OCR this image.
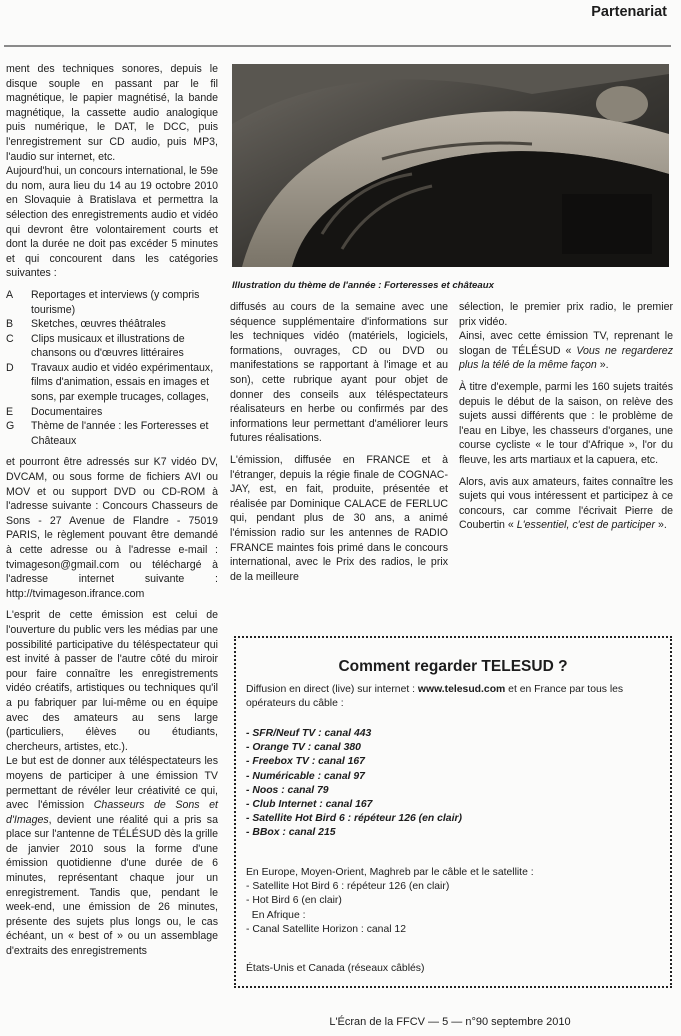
Partenariat

ment des techniques sonores, depuis le disque souple en passant par le fil magnétique, le papier magnétisé, la bande magnétique, la cassette audio analogique puis numérique, le DAT, le DCC, puis l'enregistrement sur CD audio, puis MP3, l'audio sur internet, etc.

Aujourd'hui, un concours international, le 59e du nom, aura lieu du 14 au 19 octobre 2010 en Slovaquie à Bratislava et permettra la sélection des enregistrements audio et vidéo qui devront être volontairement courts et dont la durée ne doit pas excéder 5 minutes et qui concourent dans les catégories suivantes :

A	Reportages et interviews (y compris tourisme)
B	Sketches, œuvres théâtrales
C	Clips musicaux et illustrations de chansons ou d'œuvres littéraires
D	Travaux audio et vidéo expérimentaux, films d'animation, essais en images et sons, par exemple trucages, collages,
E	Documentaires
G	Thème de l'année : les Forteresses et Châteaux

et pourront être adressés sur K7 vidéo DV, DVCAM, ou sous forme de fichiers AVI ou MOV et ou support DVD ou CD-ROM à l'adresse suivante : Concours Chasseurs de Sons - 27 Avenue de Flandre - 75019 PARIS, le règlement pouvant être demandé à cette adresse ou à l'adresse e-mail : tvimageson@gmail.com ou téléchargé à l'adresse internet suivante : http://tvimageson.ifrance.com

L'esprit de cette émission est celui de l'ouverture du public vers les médias par une possibilité participative du téléspectateur qui est invité à passer de l'autre côté du miroir pour faire connaître les enregistrements vidéo créatifs, artistiques ou techniques qu'il a pu fabriquer par lui-même ou en équipe avec des amateurs au sens large (particuliers, élèves ou étudiants, chercheurs, artistes, etc.).

Le but est de donner aux téléspectateurs les moyens de participer à une émission TV permettant de révéler leur créativité ce qui, avec l'émission Chasseurs de Sons et d'Images, devient une réalité qui a pris sa place sur l'antenne de TÉLÉSUD dès la grille de janvier 2010 sous la forme d'une émission quotidienne d'une durée de 6 minutes, représentant chaque jour un enregistrement. Tandis que, pendant le week-end, une émission de 26 minutes, présente des sujets plus longs ou, le cas échéant, un « best of » ou un assemblage d'extraits des enregistrements

Illustration du thème de l'année : Forteresses et châteaux

diffusés au cours de la semaine avec une séquence supplémentaire d'informations sur les techniques vidéo (matériels, logiciels, formations, ouvrages, CD ou DVD ou manifestations se rapportant à l'image et au son), cette rubrique ayant pour objet de donner des conseils aux téléspectateurs réalisateurs en herbe ou confirmés par des informations leur permettant d'améliorer leurs futures réalisations.

L'émission, diffusée en FRANCE et à l'étranger, depuis la régie finale de COGNAC-JAY, est, en fait, produite, présentée et réalisée par Dominique CALACE de FERLUC qui, pendant plus de 30 ans, a animé l'émission radio sur les antennes de RADIO FRANCE maintes fois primé dans le concours international, avec le Prix des radios, le prix de la meilleure

sélection, le premier prix radio, le premier prix vidéo.

Ainsi, avec cette émission TV, reprenant le slogan de TÉLÉSUD « Vous ne regarderez plus la télé de la même façon ».

À titre d'exemple, parmi les 160 sujets traités depuis le début de la saison, on relève des sujets aussi différents que : le problème de l'eau en Libye, les chasseurs d'organes, une course cycliste « le tour d'Afrique », l'or du fleuve, les arts martiaux et la capuera, etc.

Alors, avis aux amateurs, faites connaître les sujets qui vous intéressent et participez à ce concours, car comme l'écrivait Pierre de Coubertin « L'essentiel, c'est de participer ».

Comment regarder TELESUD ?
Diffusion en direct (live) sur internet : www.telesud.com et en France par tous les opérateurs du câble :

- SFR/Neuf TV : canal 443

- Orange TV : canal 380

- Freebox TV : canal 167

- Numéricable : canal 97

- Noos : canal 79

- Club Internet : canal 167

- Satellite Hot Bird 6 : répéteur 126 (en clair)

- BBox : canal 215

En Europe, Moyen-Orient, Maghreb par le câble et le satellite :

- Satellite Hot Bird 6 : répéteur 126 (en clair)

- Hot Bird 6 (en clair)

En Afrique :

- Canal Satellite Horizon : canal 12

États-Unis et Canada (réseaux câblés)
L'Écran de la FFCV — 5 — n°90 septembre 2010
